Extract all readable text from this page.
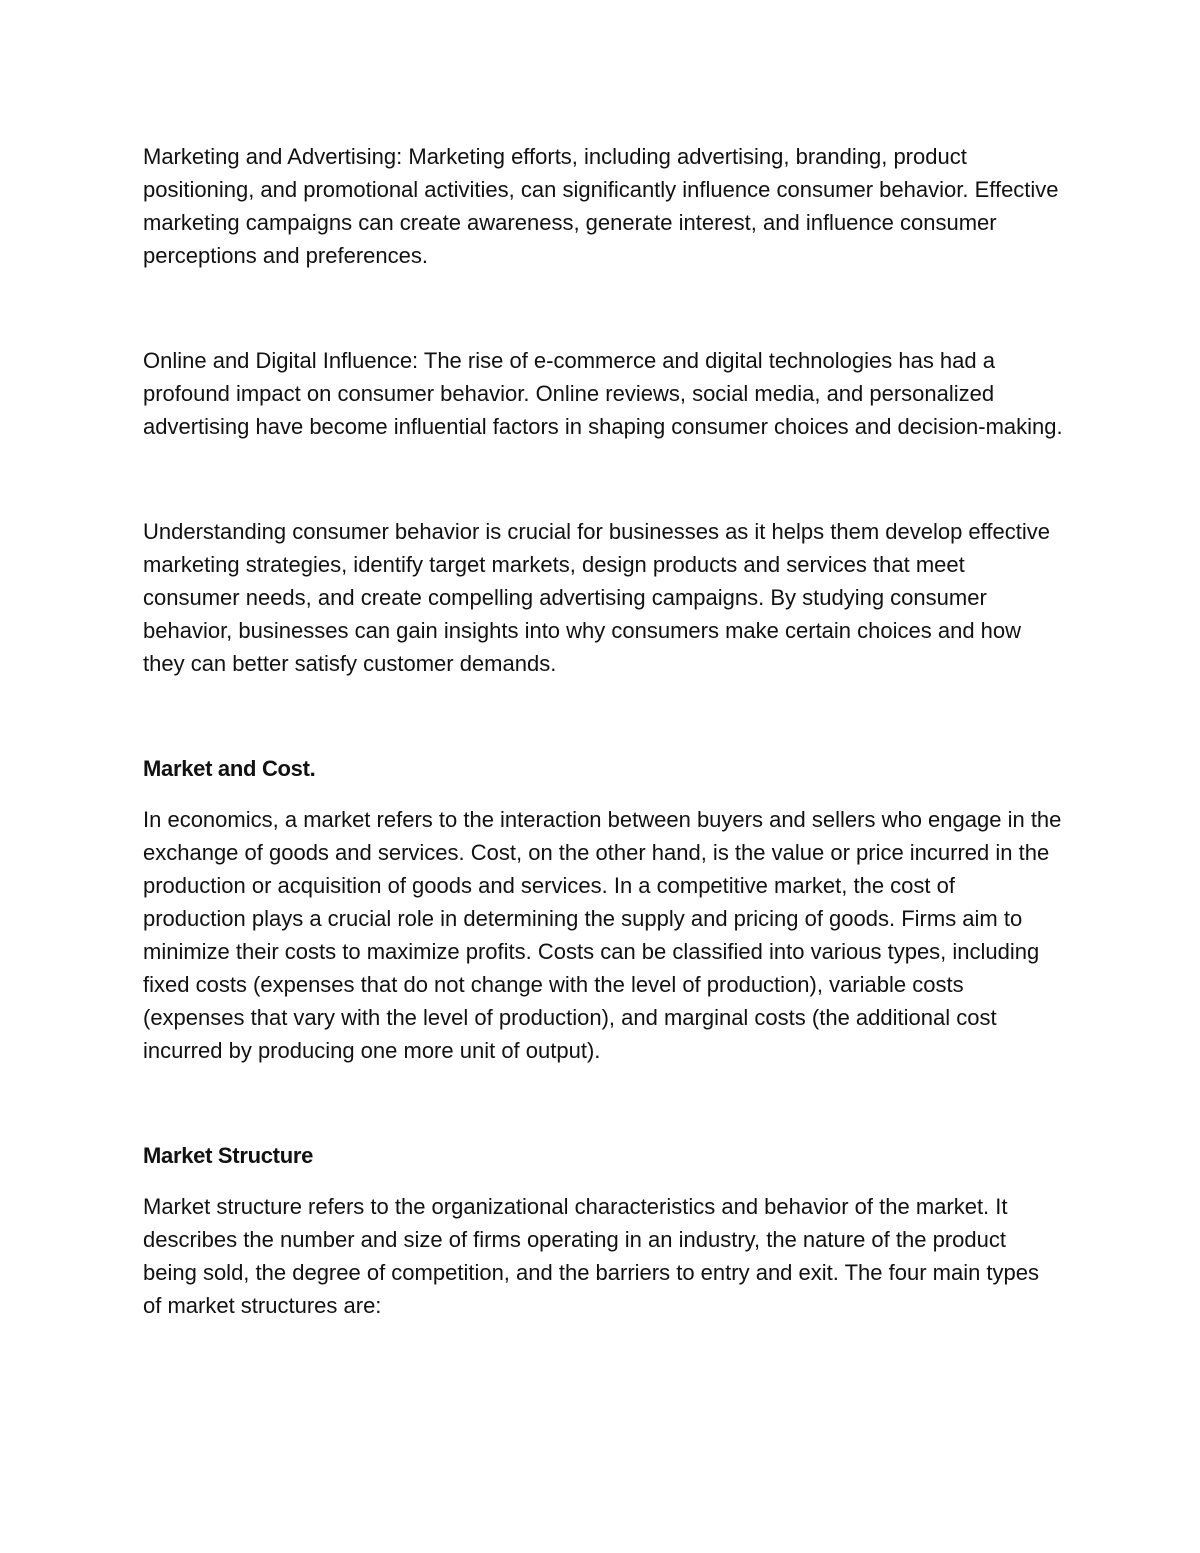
Marketing and Advertising: Marketing efforts, including advertising, branding, product positioning, and promotional activities, can significantly influence consumer behavior. Effective marketing campaigns can create awareness, generate interest, and influence consumer perceptions and preferences.

Online and Digital Influence: The rise of e-commerce and digital technologies has had a profound impact on consumer behavior. Online reviews, social media, and personalized advertising have become influential factors in shaping consumer choices and decision-making.

Understanding consumer behavior is crucial for businesses as it helps them develop effective marketing strategies, identify target markets, design products and services that meet consumer needs, and create compelling advertising campaigns. By studying consumer behavior, businesses can gain insights into why consumers make certain choices and how they can better satisfy customer demands.

Market and Cost.

In economics, a market refers to the interaction between buyers and sellers who engage in the exchange of goods and services. Cost, on the other hand, is the value or price incurred in the production or acquisition of goods and services. In a competitive market, the cost of production plays a crucial role in determining the supply and pricing of goods. Firms aim to minimize their costs to maximize profits. Costs can be classified into various types, including fixed costs (expenses that do not change with the level of production), variable costs (expenses that vary with the level of production), and marginal costs (the additional cost incurred by producing one more unit of output).

Market Structure

Market structure refers to the organizational characteristics and behavior of the market. It describes the number and size of firms operating in an industry, the nature of the product being sold, the degree of competition, and the barriers to entry and exit. The four main types of market structures are:
